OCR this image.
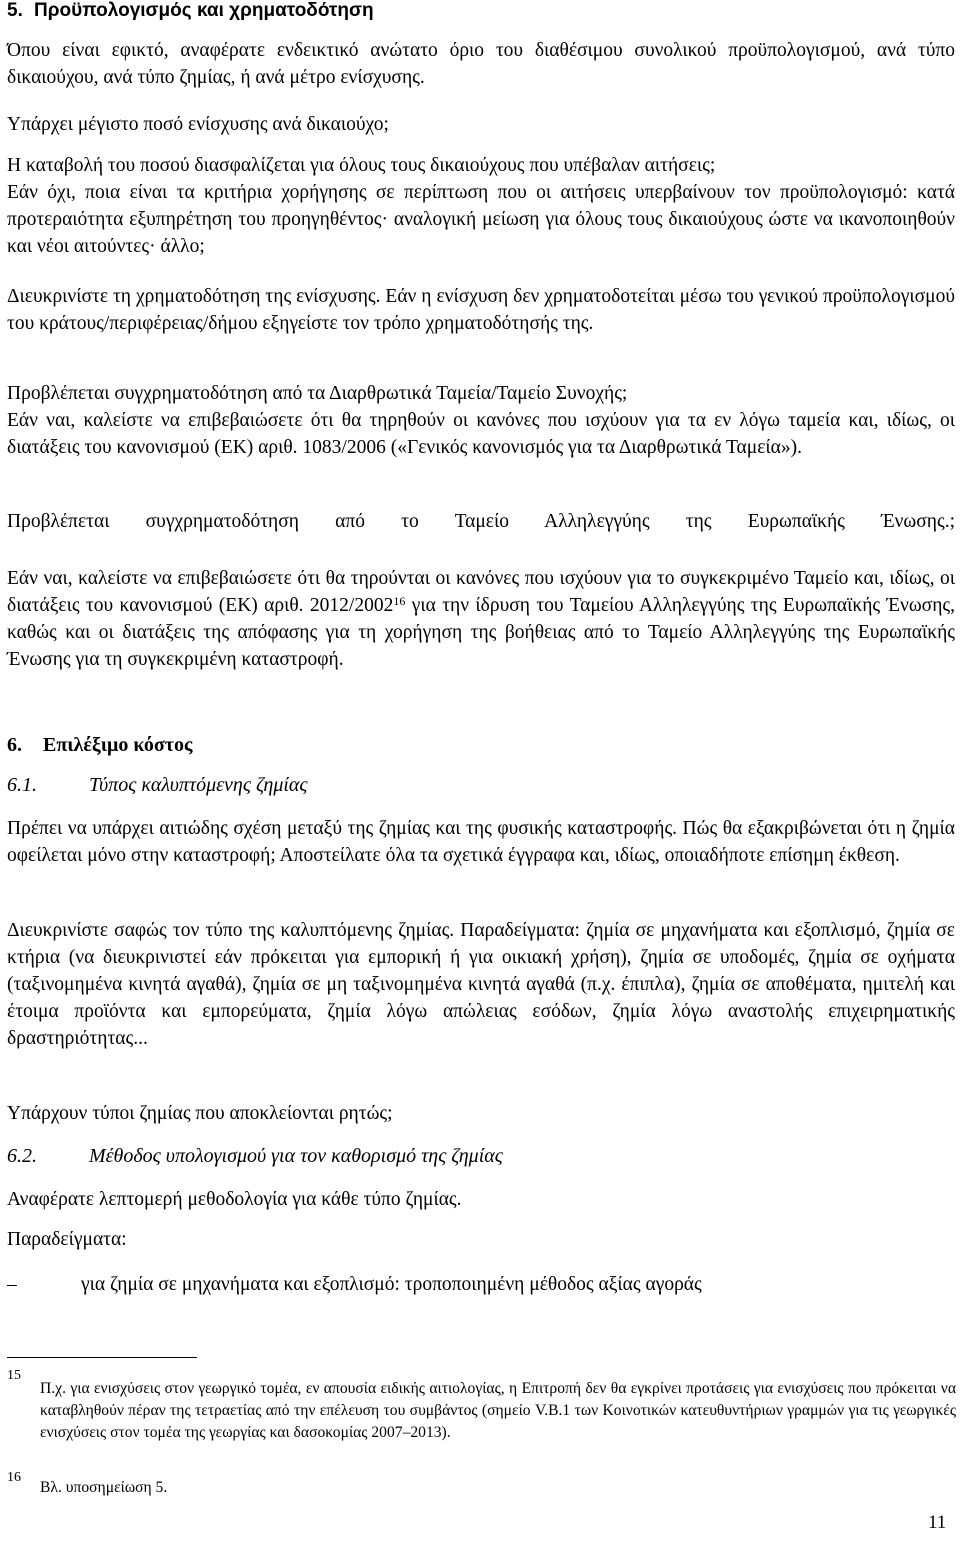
5. Προϋπολογισμός και χρηματοδότηση

Όπου είναι εφικτό, αναφέρατε ενδεικτικό ανώτατο όριο του διαθέσιμου συνολικού προϋπολογισμού, ανά τύπο δικαιούχου, ανά τύπο ζημίας, ή ανά μέτρο ενίσχυσης.

Υπάρχει μέγιστο ποσό ενίσχυσης ανά δικαιούχο;
Η καταβολή του ποσού διασφαλίζεται για όλους τους δικαιούχους που υπέβαλαν αιτήσεις;
Εάν όχι, ποια είναι τα κριτήρια χορήγησης σε περίπτωση που οι αιτήσεις υπερβαίνουν τον προϋπολογισμό: κατά προτεραιότητα εξυπηρέτηση του προηγηθέντος· αναλογική μείωση για όλους τους δικαιούχους ώστε να ικανοποιηθούν και νέοι αιτούντες· άλλο;

Διευκρινίστε τη χρηματοδότηση της ενίσχυσης. Εάν η ενίσχυση δεν χρηματοδοτείται μέσω του γενικού προϋπολογισμού του κράτους/περιφέρειας/δήμου εξηγείστε τον τρόπο χρηματοδότησής της.

Προβλέπεται συγχρηματοδότηση από τα Διαρθρωτικά Ταμεία/Ταμείο Συνοχής;
Εάν ναι, καλείστε να επιβεβαιώσετε ότι θα τηρηθούν οι κανόνες που ισχύουν για τα εν λόγω ταμεία και, ιδίως, οι διατάξεις του κανονισμού (ΕΚ) αριθ. 1083/2006 («Γενικός κανονισμός για τα Διαρθρωτικά Ταμεία»).

Προβλέπεται συγχρηματοδότηση από το Ταμείο Αλληλεγγύης της Ευρωπαϊκής Ένωσης.;

Εάν ναι, καλείστε να επιβεβαιώσετε ότι θα τηρούνται οι κανόνες που ισχύουν για το συγκεκριμένο Ταμείο και, ιδίως, οι διατάξεις του κανονισμού (ΕΚ) αριθ. 2012/2002$^{16}$ για την ίδρυση του Ταμείου Αλληλεγγύης της Ευρωπαϊκής Ένωσης, καθώς και οι διατάξεις της απόφασης για τη χορήγηση της βοήθειας από το Ταμείο Αλληλεγγύης της Ευρωπαϊκής Ένωσης για τη συγκεκριμένη καταστροφή.

6. Επιλέξιμο κόστος
6.1.	Τύπος καλυπτόμενης ζημίας

Πρέπει να υπάρχει αιτιώδης σχέση μεταξύ της ζημίας και της φυσικής καταστροφής. Πώς θα εξακριβώνεται ότι η ζημία οφείλεται μόνο στην καταστροφή; Αποστείλατε όλα τα σχετικά έγγραφα και, ιδίως, οποιαδήποτε επίσημη έκθεση.

Διευκρινίστε σαφώς τον τύπο της καλυπτόμενης ζημίας. Παραδείγματα: ζημία σε μηχανήματα και εξοπλισμό, ζημία σε κτήρια (να διευκρινιστεί εάν πρόκειται για εμπορική ή για οικιακή χρήση), ζημία σε υποδομές, ζημία σε οχήματα (ταξινομημένα κινητά αγαθά), ζημία σε μη ταξινομημένα κινητά αγαθά (π.χ. έπιπλα), ζημία σε αποθέματα, ημιτελή και έτοιμα προϊόντα και εμπορεύματα, ζημία λόγω απώλειας εσόδων, ζημία λόγω αναστολής επιχειρηματικής δραστηριότητας...

Υπάρχουν τύποι ζημίας που αποκλείονται ρητώς;

6.2.	Μέθοδος υπολογισμού για τον καθορισμό της ζημίας

Αναφέρατε λεπτομερή μεθοδολογία για κάθε τύπο ζημίας.

Παραδείγματα:

–	για ζημία σε μηχανήματα και εξοπλισμό: τροποποιημένη μέθοδος αξίας αγοράς
15

Π.χ. για ενισχύσεις στον γεωργικό τομέα, εν απουσία ειδικής αιτιολογίας, η Επιτροπή δεν θα εγκρίνει προτάσεις για ενισχύσεις που πρόκειται να καταβληθούν πέραν της τετραετίας από την επέλευση του συμβάντος (σημείο V.B.1 των Κοινοτικών κατευθυντήριων γραμμών για τις γεωργικές ενισχύσεις στον τομέα της γεωργίας και δασοκομίας 2007–2013).

16

Βλ. υποσημείωση 5.

11
